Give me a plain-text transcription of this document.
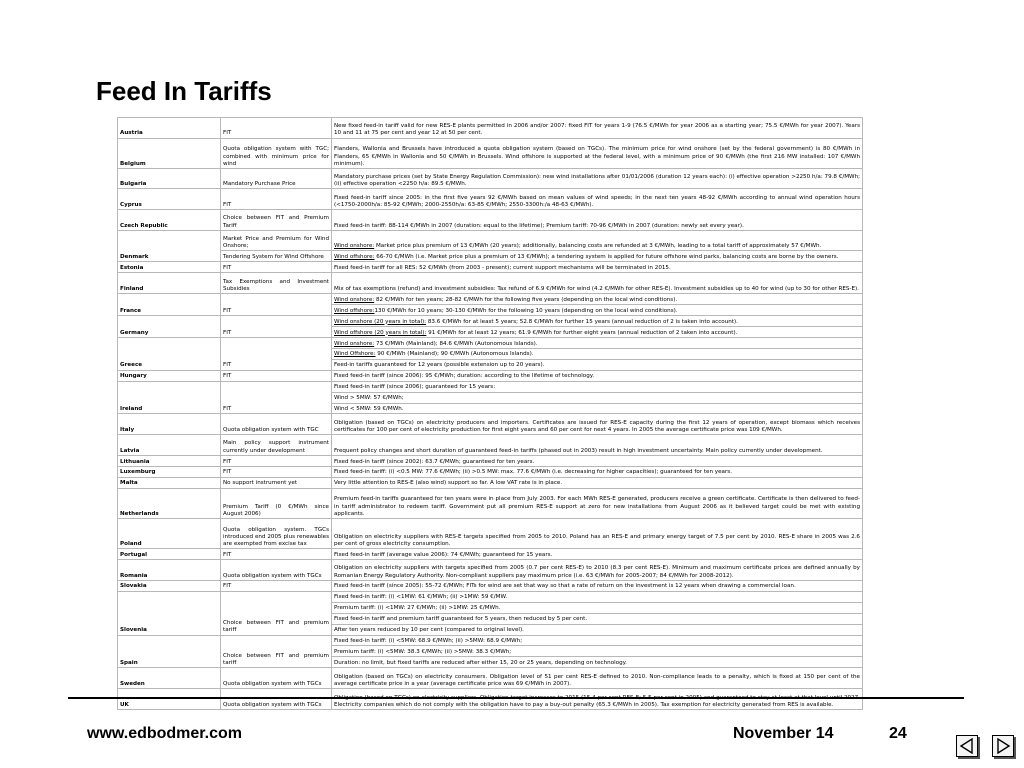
Feed In Tariffs
Austria	FIT	New fixed feed-in tariff valid for new RES-E plants permitted in 2006 and/or 2007: fixed FIT for years 1-9 (76.5 €/MWh for year 2006 as a starting year; 75.5 €/MWh for year 2007). Years 10 and 11 at 75 per cent and year 12 at 50 per cent.
Belgium	Quota obligation system with TGC; combined with minimum price for wind	Flanders, Wallonia and Brussels have introduced a quota obligation system (based on TGCs). The minimum price for wind onshore (set by the federal government) is 80 €/MWh in Flanders, 65 €/MWh in Wallonia and 50 €/MWh in Brussels. Wind offshore is supported at the federal level, with a minimum price of 90 €/MWh (the first 216 MW installed: 107 €/MWh minimum).
Bulgaria	Mandatory Purchase Price	Mandatory purchase prices (set by State Energy Regulation Commission): new wind installations after 01/01/2006 (duration 12 years each): (i) effective operation >2250 h/a: 79.8 €/MWh; (ii) effective operation <2250 h/a: 89.5 €/MWh.
Cyprus	FIT	Fixed feed-in tariff since 2005: in the first five years 92 €/MWh based on mean values of wind speeds; in the next ten years 48-92 €/MWh according to annual wind operation hours (<1750-2000h/a: 85-92 €/MWh; 2000-2550h/a: 63-85 €/MWh; 2550-3300h:/a 48-63 €/MWh).
Czech Republic	Choice between FIT and Premium Tariff	Fixed feed-in tariff: 88-114 €/MWh in 2007 (duration: equal to the lifetime); Premium tariff: 70-96 €/MWh in 2007 (duration: newly set every year).
Denmark	Market Price and Premium for Wind Onshore;	Wind onshore: Market price plus premium of 13 €/MWh (20 years); additionally, balancing costs are refunded at 3 €/MWh, leading to a total tariff of approximately 57 €/MWh.
	Tendering System for Wind Offshore	Wind offshore: 66-70 €/MWh (i.e. Market price plus a premium of 13 €/MWh); a tendering system is applied for future offshore wind parks, balancing costs are borne by the owners.
Estonia	FIT	Fixed feed-in tariff for all RES: 52 €/MWh (from 2003 - present); current support mechanisms will be terminated in 2015.
Finland	Tax Exemptions and Investment Subsidies	Mix of tax exemptions (refund) and investment subsidies: Tax refund of 6.9 €/MWh for wind (4.2 €/MWh for other RES-E). Investment subsidies up to 40 for wind (up to 30 for other RES-E).
France	FIT	Wind onshore: 82 €/MWh for ten years; 28-82 €/MWh for the following five years (depending on the local wind conditions).
		Wind offshore:130 €/MWh for 10 years; 30-130 €/MWh for the following 10 years (depending on the local wind conditions).
Germany	FIT	Wind onshore (20 years in total): 83.6 €/MWh for at least 5 years; 52.8 €/MWh for further 15 years (annual reduction of 2 is taken into account).
		Wind offshore (20 years in total): 91 €/MWh for at least 12 years; 61.9 €/MWh for further eight years (annual reduction of 2 taken into account).
Greece	FIT	Wind onshore: 73 €/MWh (Mainland); 84.6 €/MWh (Autonomous Islands).
		Wind Offshore: 90 €/MWh (Mainland); 90 €/MWh (Autonomous Islands).
		Feed-in tariffs guaranteed for 12 years (possible extension up to 20 years).
Hungary	FIT	Fixed feed-in tariff (since 2006): 95 €/MWh; duration: according to the lifetime of technology.
Ireland	FIT	Fixed feed-in tariff (since 2006); guaranteed for 15 years:
		Wind > 5MW: 57 €/MWh;
		Wind < 5MW: 59 €/MWh.
Italy	Quota obligation system with TGC	Obligation (based on TGCs) on electricity producers and importers. Certificates are issued for RES-E capacity during the first 12 years of operation, except biomass which receives certificates for 100 per cent of electricity production for first eight years and 60 per cent for next 4 years. In 2005 the average certificate price was 109 €/MWh.
Latvia	Main policy support instrument currently under development	Frequent policy changes and short duration of guaranteed feed-in tariffs (phased out in 2003) result in high investment uncertainty. Main policy currently under development.
Lithuania	FIT	Fixed feed-in tariff (since 2002): 63.7 €/MWh; guaranteed for ten years.
Luxemburg	FIT	Fixed feed-in tariff: (i) <0.5 MW: 77.6 €/MWh; (ii) >0.5 MW: max. 77.6 €/MWh (i.e. decreasing for higher capacities); guaranteed for ten years.
Malta	No support instrument yet	Very little attention to RES-E (also wind) support so far. A low VAT rate is in place.
Netherlands	Premium Tariff (0 €/MWh since August 2006)	Premium feed-in tariffs guaranteed for ten years were in place from July 2003. For each MWh RES-E generated, producers receive a green certificate. Certificate is then delivered to feed-in tariff administrator to redeem tariff. Government put all premium RES-E support at zero for new installations from August 2006 as it believed target could be met with existing applicants.
Poland	Quota obligation system. TGCs introduced end 2005 plus renewables are exempted from excise tax	Obligation on electricity suppliers with RES-E targets specified from 2005 to 2010. Poland has an RES-E and primary energy target of 7.5 per cent by 2010. RES-E share in 2005 was 2.6 per cent of gross electricity consumption.
Portugal	FIT	Fixed feed-in tariff (average value 2006): 74 €/MWh; guaranteed for 15 years.
Romania	Quota obligation system with TGCs	Obligation on electricity suppliers with targets specified from 2005 (0.7 per cent RES-E) to 2010 (8.3 per cent RES-E). Minimum and maximum certificate prices are defined annually by Romanian Energy Regulatory Authority. Non-compliant suppliers pay maximum price (i.e. 63 €/MWh for 2005-2007; 84 €/MWh for 2008-2012).
Slovakia	FIT	Fixed feed-in tariff (since 2005): 55-72 €/MWh; FITs for wind are set that way so that a rate of return on the investment is 12 years when drawing a commercial loan.
Slovenia	Choice between FIT and premium tariff	Fixed feed-in tariff: (i) <1MW: 61 €/MWh; (ii) >1MW: 59 €/MW.
		Premium tariff: (i) <1MW: 27 €/MWh; (ii) >1MW: 25 €/MWh.
		Fixed feed-in tariff and premium tariff guaranteed for 5 years, then reduced by 5 per cent.
		After ten years reduced by 10 per cent (compared to original level).
Spain	Choice between FIT and premium tariff	Fixed feed-in tariff: (i) <5MW: 68.9 €/MWh; (ii) >5MW: 68.9 €/MWh;
		Premium tariff: (i) <5MW: 38.3 €/MWh; (ii) >5MW: 38.3 €/MWh;
		Duration: no limit, but fixed tariffs are reduced after either 15, 20 or 25 years, depending on technology.
Sweden	Quota obligation system with TGCs	Obligation (based on TGCs) on electricity consumers. Obligation level of 51 per cent RES-E defined to 2010. Non-compliance leads to a penalty, which is fixed at 150 per cent of the average certificate price in a year (average certificate price was 69 €/MWh in 2007).
UK	Quota obligation system with TGCs	Obligation (based on TGCs) on electricity suppliers. Obligation target increases to 2015 (15.4 per cent RES-E; 5.5 per cent in 2005) and guaranteed to stay at least at that level until 2027. Electricity companies which do not comply with the obligation have to pay a buy-out penalty (65.3 €/MWh in 2005). Tax exemption for electricity generated from RES is available.
www.edbodmer.com	November 14	24
